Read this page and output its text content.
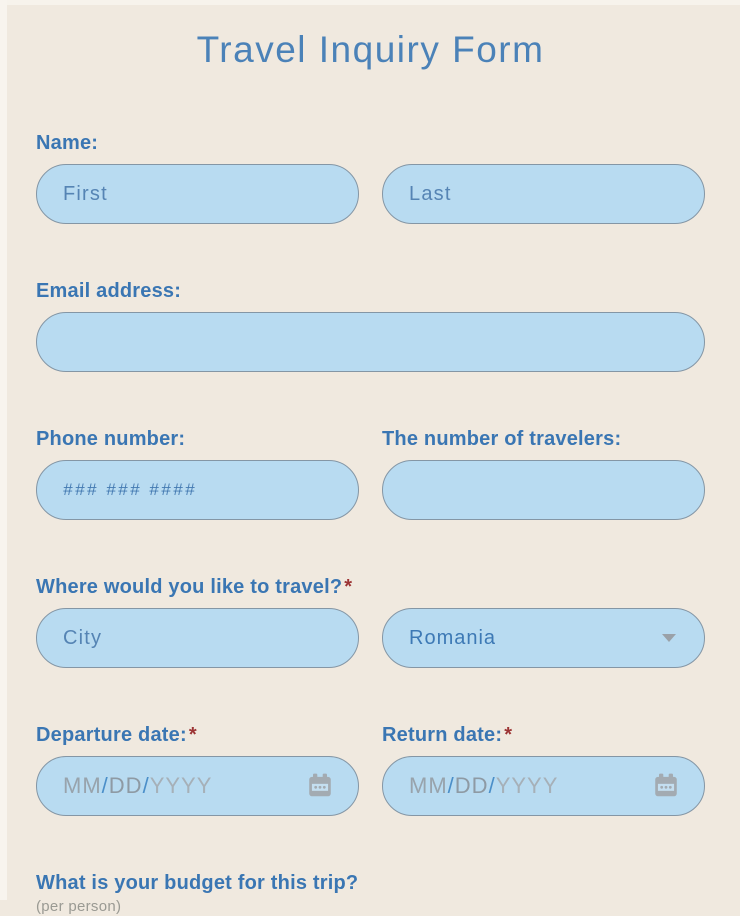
Travel Inquiry Form
Name:
First
Last
Email address:
Phone number:
### ### ####	The number of travelers:
Where would you like to travel? *
City
Romania
Departure date: *
MM/DD/YYYY
Return date: *
MM/DD/YYYY
What is your budget for this trip?
(per person)
